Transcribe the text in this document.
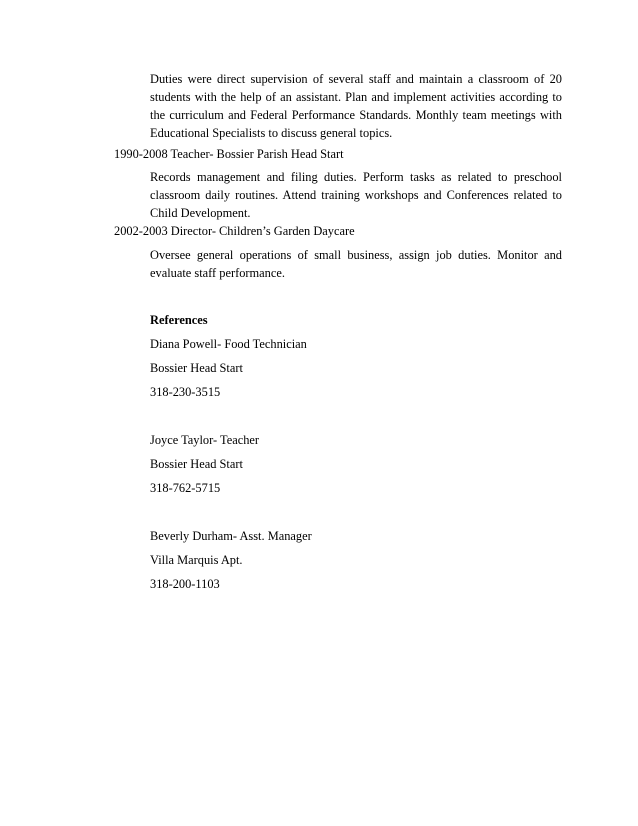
Duties were direct supervision of several staff and maintain a classroom of 20 students with the help of an assistant. Plan and implement activities according to the curriculum and Federal Performance Standards. Monthly team meetings with Educational Specialists to discuss general topics.

1990-2008 Teacher- Bossier Parish Head Start

Records management and filing duties. Perform tasks as related to preschool classroom daily routines. Attend training workshops and Conferences related to Child Development.

2002-2003 Director- Children’s Garden Daycare

Oversee general operations of small business, assign job duties. Monitor and evaluate staff performance.

References

Diana Powell- Food Technician

Bossier Head Start

318-230-3515

Joyce Taylor- Teacher

Bossier Head Start

318-762-5715

Beverly Durham- Asst. Manager

Villa Marquis Apt.

318-200-1103
